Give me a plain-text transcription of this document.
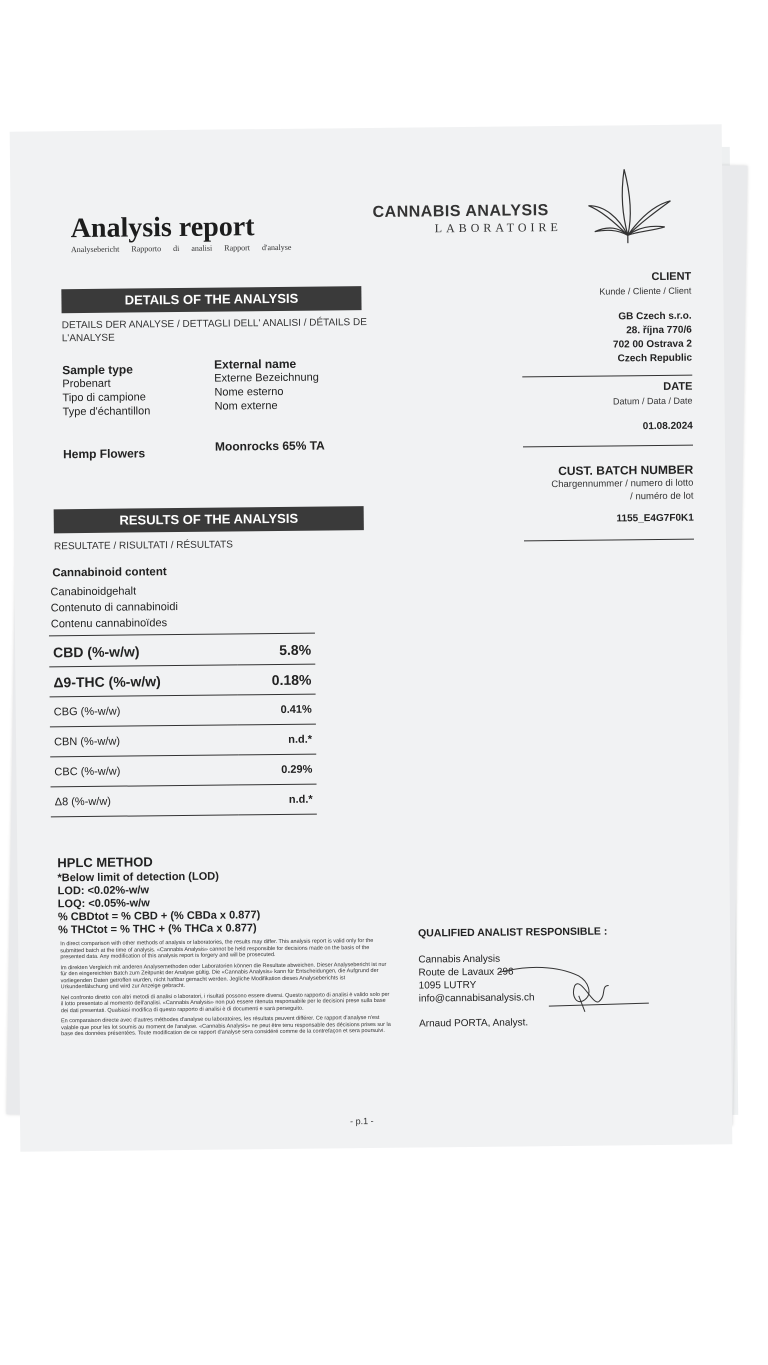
Analysis report
Analysebericht Rapporto di analisi Rapport d'analyse
CANNABIS ANALYSIS
LABORATOIRE
DETAILS OF THE ANALYSIS
DETAILS DER ANALYSE / DETTAGLI DELL' ANALISI / DÉTAILS DE L'ANALYSE
Sample type
Probenart
Tipo di campione
Type d'échantillon
External name
Externe Bezeichnung
Nome esterno
Nom externe
Hemp Flowers
Moonrocks 65% TA
CLIENT
Kunde / Cliente / Client
GB Czech s.r.o.
28. října 770/6
702 00 Ostrava 2
Czech Republic
DATE
Datum / Data / Date
01.08.2024
CUST. BATCH NUMBER
Chargennummer / numero di lotto
/ numéro de lot
1155_E4G7F0K1
RESULTS OF THE ANALYSIS
RESULTATE / RISULTATI / RÉSULTATS
Cannabinoid content
Canabinoidgehalt
Contenuto di cannabinoidi
Contenu cannabinoïdes
CBD (%-w/w)	5.8%
Δ9-THC (%-w/w)	0.18%
CBG (%-w/w)	0.41%
CBN (%-w/w)	n.d.*
CBC (%-w/w)	0.29%
Δ8 (%-w/w)	n.d.*
HPLC METHOD
*Below limit of detection (LOD)
LOD: <0.02%-w/w
LOQ: <0.05%-w/w
% CBDtot = % CBD + (% CBDa x 0.877)
% THCtot = % THC + (% THCa x 0.877)

In direct comparison with other methods of analysis or laboratories, the results may differ. This analysis report is valid only for the submitted batch at the time of analysis. «Cannabis Analysis» cannot be held responsible for decisions made on the basis of the presented data. Any modification of this analysis report is forgery and will be prosecuted.

Im direkten Vergleich mit anderen Analysemethoden oder Laboratorien können die Resultate abweichen. Dieser Analysebericht ist nur für den eingereichten Batch zum Zeitpunkt der Analyse gültig. Die «Cannabis Analysis» kann für Entscheidungen, die Aufgrund der vorliegenden Daten getroffen wurden, nicht haftbar gemacht werden. Jegliche Modifikation dieses Analyseberichts ist Urkundenfälschung und wird zur Anzeige gebracht.

Nel confronto diretto con altri metodi di analisi o laboratori, i risultati possono essere diversi. Questo rapporto di analisi è valido solo per il lotto presentato al momento dell'analisi. «Cannabis Analysis» non può essere ritenuta responsabile per le decisioni prese sulla base dei dati presentati. Qualsiasi modifica di questo rapporto di analisi è di documenti e sarà perseguito.

En comparaison directe avec d'autres méthodes d'analyse ou laboratoires, les résultats peuvent différer. Ce rapport d'analyse n'est valable que pour les lot soumis au moment de l'analyse. «Cannabis Analysis» ne peut être tenu responsable des décisions prises sur la base des données présentées. Toute modification de ce rapport d'analyse sera considéré comme de la contrefaçon et sera poursuivi.

QUALIFIED ANALIST RESPONSIBLE :
Cannabis Analysis
Route de Lavaux 296
1095 LUTRY
info@cannabisanalysis.ch
Arnaud PORTA, Analyst.
- p.1 -
